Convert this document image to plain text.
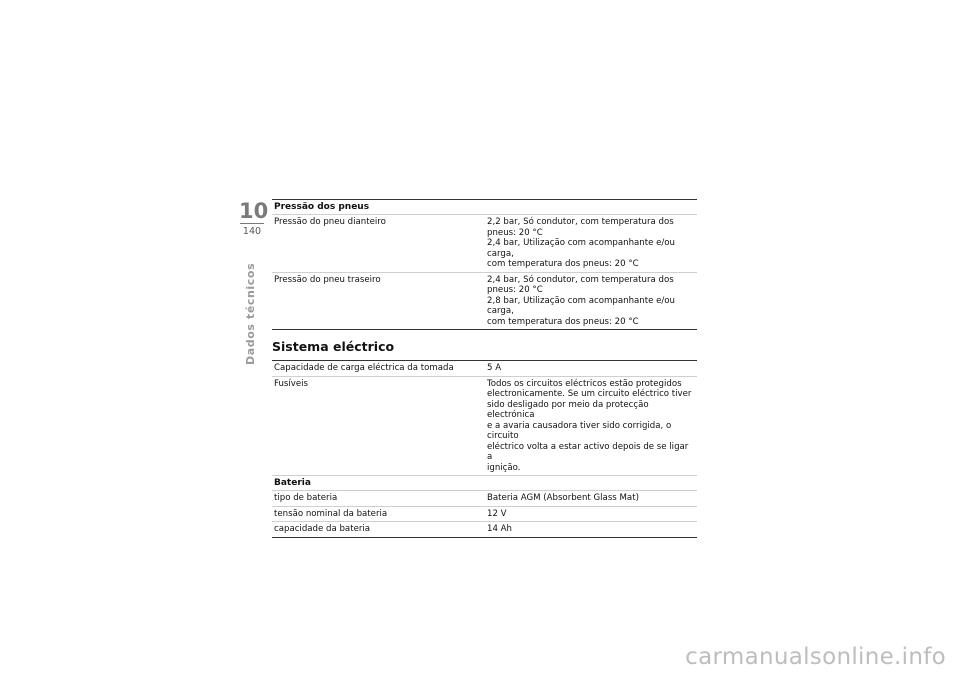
10
140
Dados técnicos
Pressão dos pneus
Pressão do pneu dianteiro	2,2 bar, Só condutor, com temperatura dos
pneus: 20 °C
2,4 bar, Utilização com acompanhante e/ou carga,
com temperatura dos pneus: 20 °C
Pressão do pneu traseiro	2,4 bar, Só condutor, com temperatura dos
pneus: 20 °C
2,8 bar, Utilização com acompanhante e/ou carga,
com temperatura dos pneus: 20 °C
Sistema eléctrico
Capacidade de carga eléctrica da tomada	5 A
Fusíveis	Todos os circuitos eléctricos estão protegidos
electronicamente. Se um circuito eléctrico tiver
sido desligado por meio da protecção electrónica
e a avaria causadora tiver sido corrigida, o circuito
eléctrico volta a estar activo depois de se ligar a
ignição.
Bateria
tipo de bateria	Bateria AGM (Absorbent Glass Mat)
tensão nominal da bateria	12 V
capacidade da bateria	14 Ah
carmanualsonline.info
